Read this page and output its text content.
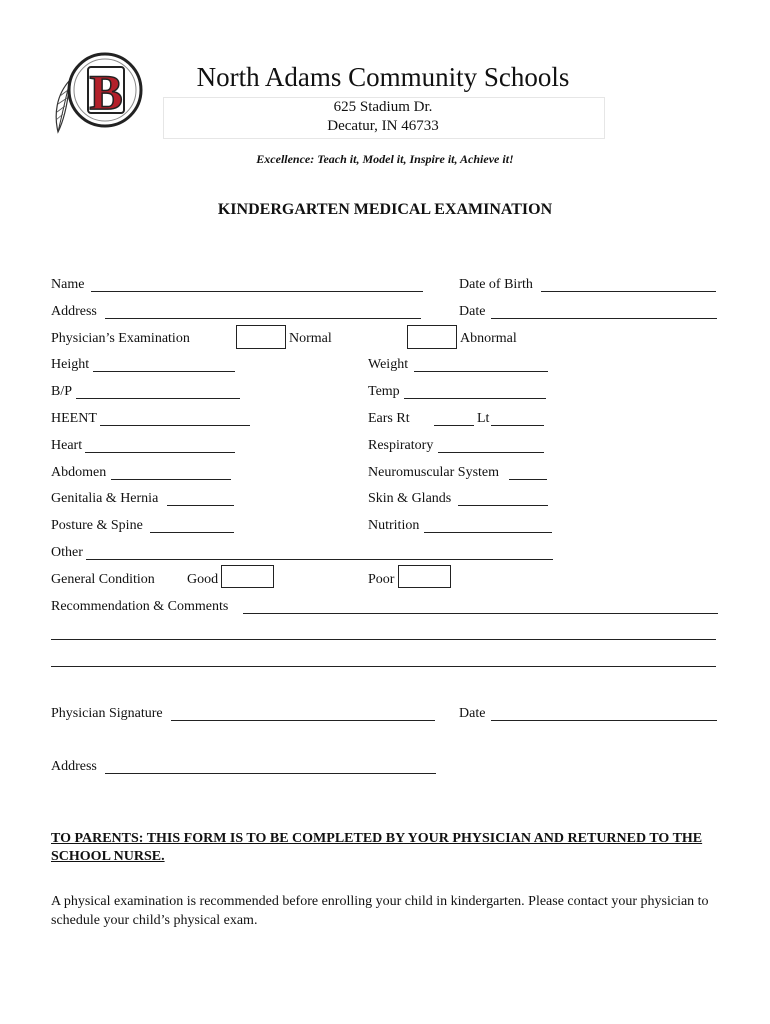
B	North Adams Community Schools
625 Stadium Dr.
Decatur, IN 46733
Excellence: Teach it, Model it, Inspire it, Achieve it!
KINDERGARTEN MEDICAL EXAMINATION
Name	Date of Birth
Address	Date
Physician’s Examination	Normal	Abnormal
Height	Weight
B/P	Temp
HEENT	Ears Rt	Lt
Heart	Respiratory
Abdomen	Neuromuscular System
Genitalia & Hernia	Skin & Glands
Posture & Spine	Nutrition
Other
General Condition Good	Poor
Recommendation & Comments
Physician Signature	Date
Address
TO PARENTS: THIS FORM IS TO BE COMPLETED BY YOUR PHYSICIAN AND RETURNED TO THE SCHOOL NURSE.
A physical examination is recommended before enrolling your child in kindergarten. Please contact your physician to schedule your child’s physical exam.
